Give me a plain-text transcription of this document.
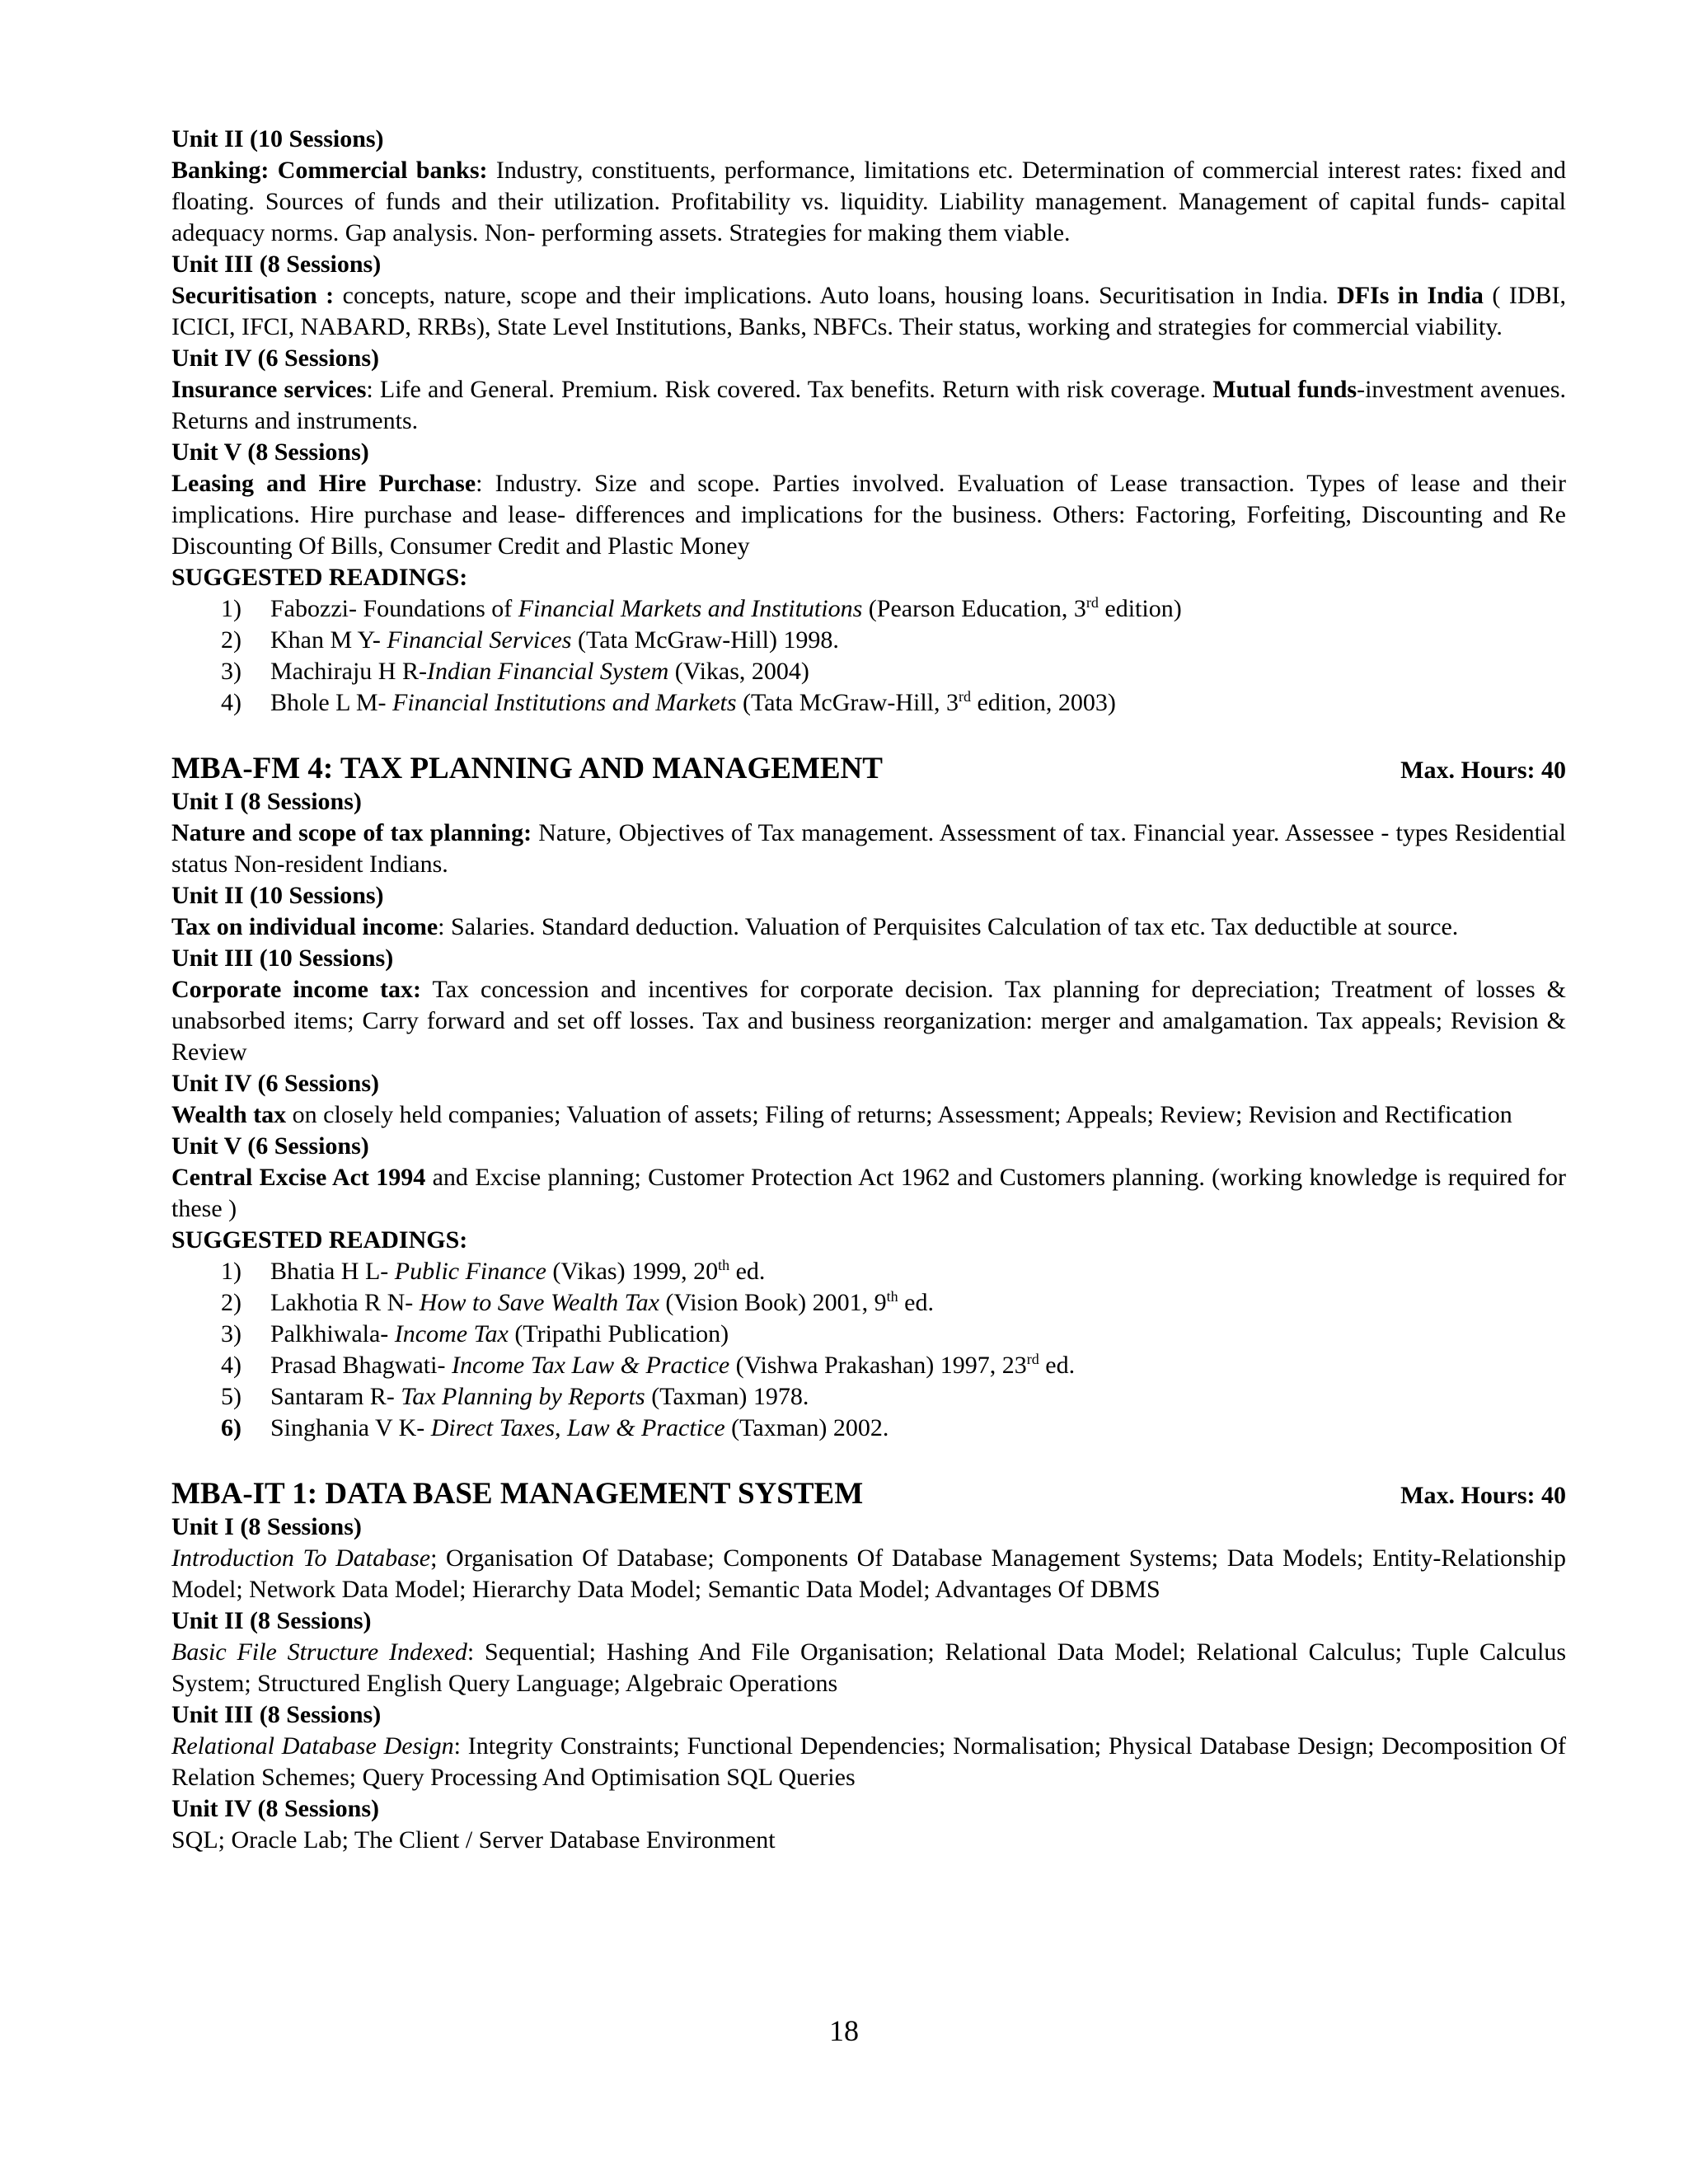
Unit II (10 Sessions)

Banking: Commercial banks: Industry, constituents, performance, limitations etc. Determination of commercial interest rates: fixed and floating. Sources of funds and their utilization. Profitability vs. liquidity. Liability management. Management of capital funds- capital adequacy norms. Gap analysis. Non- performing assets. Strategies for making them viable.

Unit III (8 Sessions)

Securitisation : concepts, nature, scope and their implications. Auto loans, housing loans. Securitisation in India. DFIs in India ( IDBI, ICICI, IFCI, NABARD, RRBs), State Level Institutions, Banks, NBFCs. Their status, working and strategies for commercial viability.

Unit IV (6 Sessions)

Insurance services: Life and General. Premium. Risk covered. Tax benefits. Return with risk coverage. Mutual funds-investment avenues. Returns and instruments.

Unit V (8 Sessions)

Leasing and Hire Purchase: Industry. Size and scope. Parties involved. Evaluation of Lease transaction. Types of lease and their implications. Hire purchase and lease- differences and implications for the business. Others: Factoring, Forfeiting, Discounting and Re Discounting Of Bills, Consumer Credit and Plastic Money

SUGGESTED READINGS:

1) Fabozzi- Foundations of Financial Markets and Institutions (Pearson Education, 3rd edition)
2) Khan M Y- Financial Services (Tata McGraw-Hill) 1998.
3) Machiraju H R-Indian Financial System (Vikas, 2004)
4) Bhole L M- Financial Institutions and Markets (Tata McGraw-Hill, 3rd edition, 2003)
MBA-FM 4: TAX PLANNING AND MANAGEMENT	Max. Hours: 40

Unit I (8 Sessions)

Nature and scope of tax planning: Nature, Objectives of Tax management. Assessment of tax. Financial year. Assessee - types Residential status Non-resident Indians.

Unit II (10 Sessions)

Tax on individual income: Salaries. Standard deduction. Valuation of Perquisites Calculation of tax etc. Tax deductible at source.

Unit III (10 Sessions)

Corporate income tax: Tax concession and incentives for corporate decision. Tax planning for depreciation; Treatment of losses & unabsorbed items; Carry forward and set off losses. Tax and business reorganization: merger and amalgamation. Tax appeals; Revision & Review

Unit IV (6 Sessions)

Wealth tax on closely held companies; Valuation of assets; Filing of returns; Assessment; Appeals; Review; Revision and Rectification

Unit V (6 Sessions)

Central Excise Act 1994 and Excise planning; Customer Protection Act 1962 and Customers planning. (working knowledge is required for these )

SUGGESTED READINGS:

1) Bhatia H L- Public Finance (Vikas) 1999, 20th ed.
2) Lakhotia R N- How to Save Wealth Tax (Vision Book) 2001, 9th ed.
3) Palkhiwala- Income Tax (Tripathi Publication)
4) Prasad Bhagwati- Income Tax Law & Practice (Vishwa Prakashan) 1997, 23rd ed.
5) Santaram R- Tax Planning by Reports (Taxman) 1978.
6) Singhania V K- Direct Taxes, Law & Practice (Taxman) 2002.
MBA-IT 1: DATA BASE MANAGEMENT SYSTEM	Max. Hours: 40

Unit I (8 Sessions)

Introduction To Database; Organisation Of Database; Components Of Database Management Systems; Data Models; Entity-Relationship Model; Network Data Model; Hierarchy Data Model; Semantic Data Model; Advantages Of DBMS

Unit II (8 Sessions)

Basic File Structure Indexed: Sequential; Hashing And File Organisation; Relational Data Model; Relational Calculus; Tuple Calculus System; Structured English Query Language; Algebraic Operations

Unit III (8 Sessions)

Relational Database Design: Integrity Constraints; Functional Dependencies; Normalisation; Physical Database Design; Decomposition Of Relation Schemes; Query Processing And Optimisation SQL Queries

Unit IV (8 Sessions)

SQL; Oracle Lab; The Client / Server Database Environment

18
